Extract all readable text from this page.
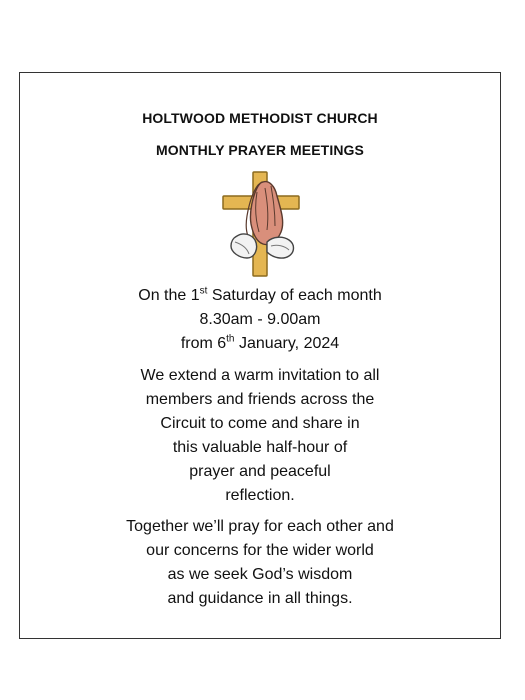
HOLTWOOD METHODIST CHURCH
MONTHLY PRAYER MEETINGS
On the 1st Saturday of each month
8.30am - 9.00am
from 6th January, 2024
We extend a warm invitation to all
members and friends across the
Circuit to come and share in
this valuable half-hour of
prayer and peaceful
reflection.
Together we’ll pray for each other and
our concerns for the wider world
as we seek God’s wisdom
and guidance in all things.
